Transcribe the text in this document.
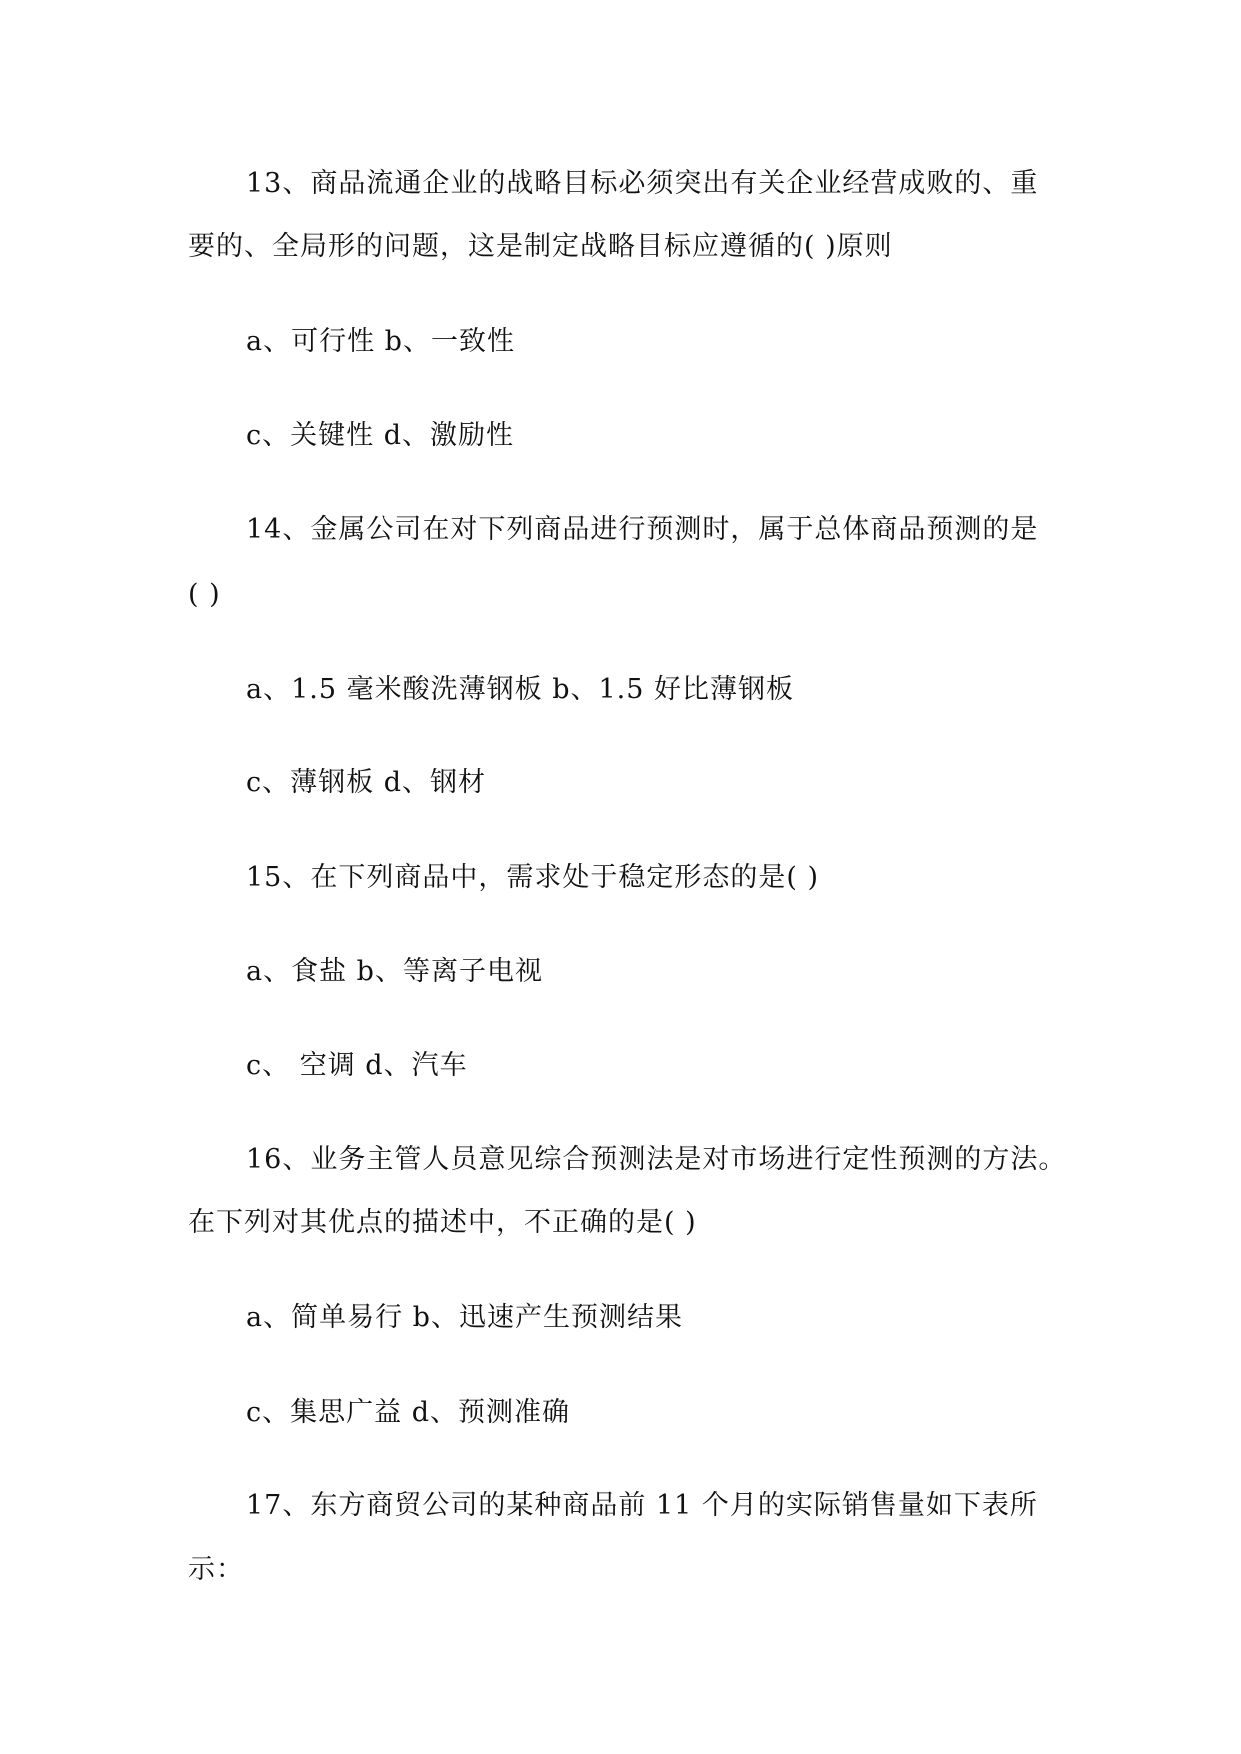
13、商品流通企业的战略目标必须突出有关企业经营成败的、重
要的、全局形的问题，这是制定战略目标应遵循的( )原则
a、可行性 b、一致性
c、关键性 d、激励性
14、金属公司在对下列商品进行预测时，属于总体商品预测的是
( )
a、1.5 毫米酸洗薄钢板 b、1.5 好比薄钢板
c、薄钢板 d、钢材
15、在下列商品中，需求处于稳定形态的是( )
a、食盐 b、等离子电视
c、 空调 d、汽车
16、业务主管人员意见综合预测法是对市场进行定性预测的方法。
在下列对其优点的描述中，不正确的是( )
a、简单易行 b、迅速产生预测结果
c、集思广益 d、预测准确
17、东方商贸公司的某种商品前 11 个月的实际销售量如下表所
示：
